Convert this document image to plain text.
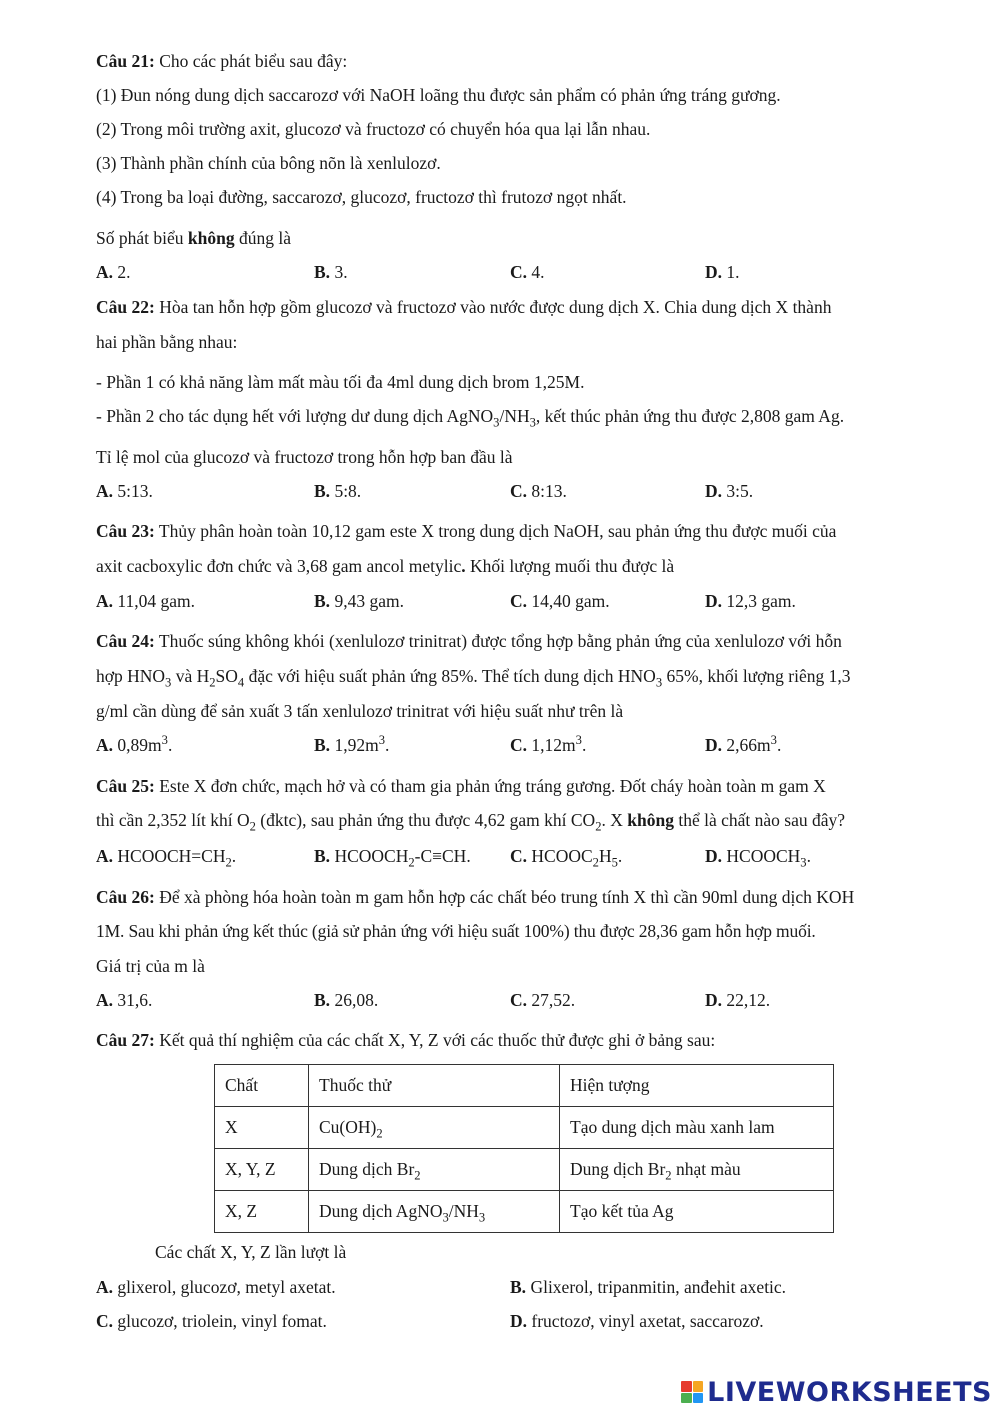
Câu 21: Cho các phát biểu sau đây:
(1) Đun nóng dung dịch saccarozơ với NaOH loãng thu được sản phẩm có phản ứng tráng gương.
(2) Trong môi trường axit, glucozơ và fructozơ có chuyển hóa qua lại lẫn nhau.
(3) Thành phần chính của bông nõn là xenlulozơ.
(4) Trong ba loại đường, saccarozơ, glucozơ, fructozơ thì frutozơ ngọt nhất.
Số phát biểu không đúng là
A. 2.	B. 3.	C. 4.	D. 1.
Câu 22: Hòa tan hỗn hợp gồm glucozơ và fructozơ vào nước được dung dịch X. Chia dung dịch X thành
hai phần bằng nhau:
- Phần 1 có khả năng làm mất màu tối đa 4ml dung dịch brom 1,25M.
- Phần 2 cho tác dụng hết với lượng dư dung dịch $AgNO_3/NH_3$, kết thúc phản ứng thu được 2,808 gam Ag.
Tỉ lệ mol của glucozơ và fructozơ trong hỗn hợp ban đầu là
A. 5:13.	B. 5:8.	C. 8:13.	D. 3:5.
Câu 23: Thủy phân hoàn toàn 10,12 gam este X trong dung dịch NaOH, sau phản ứng thu được muối của
axit cacboxylic đơn chức và 3,68 gam ancol metylic. Khối lượng muối thu được là
A. 11,04 gam.	B. 9,43 gam.	C. 14,40 gam.	D. 12,3 gam.
Câu 24: Thuốc súng không khói (xenlulozơ trinitrat) được tổng hợp bằng phản ứng của xenlulozơ với hỗn
hợp $HNO_3$ và $H_2SO_4$ đặc với hiệu suất phản ứng 85%. Thể tích dung dịch $HNO_3$ 65%, khối lượng riêng 1,3
g/ml cần dùng để sản xuất 3 tấn xenlulozơ trinitrat với hiệu suất như trên là
A. $0,89m^3$.	B. $1,92m^3$.	C. $1,12m^3$.	D. $2,66m^3$.
Câu 25: Este X đơn chức, mạch hở và có tham gia phản ứng tráng gương. Đốt cháy hoàn toàn m gam X
thì cần 2,352 lít khí $O_2$ (đktc), sau phản ứng thu được 4,62 gam khí $CO_2$. X không thể là chất nào sau đây?
A. $HCOOCH=CH_2$.	B. $HCOOCH_2-C\equiv CH$. C. $HCOOC_2H_5$.	D. $HCOOCH_3$.
Câu 26: Để xà phòng hóa hoàn toàn m gam hỗn hợp các chất béo trung tính X thì cần 90ml dung dịch KOH
1M. Sau khi phản ứng kết thúc (giả sử phản ứng với hiệu suất 100%) thu được 28,36 gam hỗn hợp muối.
Giá trị của m là
A. 31,6.	B. 26,08.	C. 27,52.	D. 22,12.
Câu 27: Kết quả thí nghiệm của các chất X, Y, Z với các thuốc thử được ghi ở bảng sau:
Chất	Thuốc thử	Hiện tượng
X	$Cu(OH)_2$	Tạo dung dịch màu xanh lam
X, Y, Z	Dung dịch $Br_2$	Dung dịch $Br_2$ nhạt màu
X, Z	Dung dịch $AgNO_3/NH_3$	Tạo kết tủa Ag
Các chất X, Y, Z lần lượt là
A. glixerol, glucozơ, metyl axetat.	B. Glixerol, tripanmitin, anđehit axetic.
C. glucozơ, triolein, vinyl fomat.	D. fructozơ, vinyl axetat, saccarozơ.
LIVEWORKSHEETS
